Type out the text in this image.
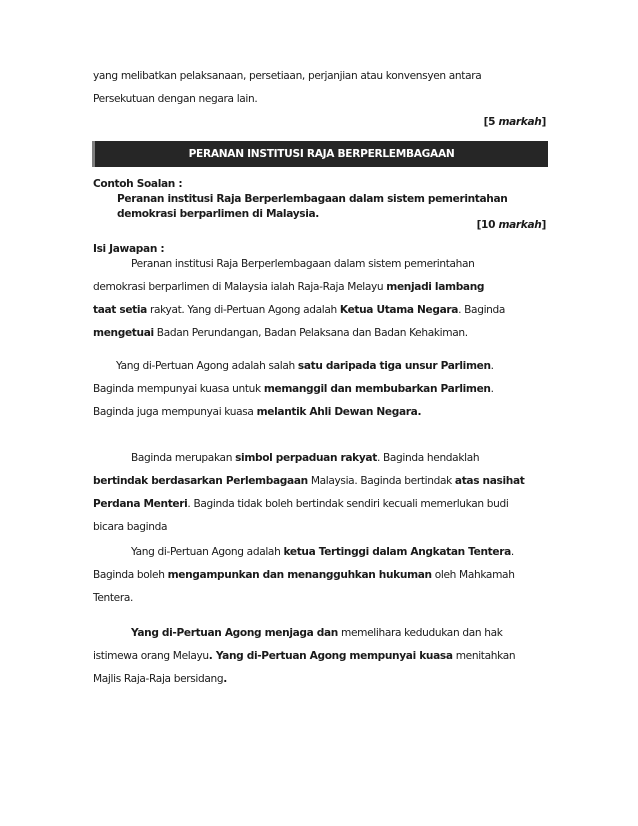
yang melibatkan pelaksanaan, persetiaan, perjanjian atau konvensyen antara
Persekutuan dengan negara lain.

[5 markah]
PERANAN INSTITUSI RAJA BERPERLEMBAGAAN
Contoh Soalan :
Peranan institusi Raja Berperlembagaan dalam sistem pemerintahan
demokrasi berparlimen di Malaysia.
[10 markah]
Isi Jawapan :

Peranan institusi Raja Berperlembagaan dalam sistem pemerintahan
demokrasi berparlimen di Malaysia ialah Raja-Raja Melayu menjadi lambang
taat setia rakyat. Yang di-Pertuan Agong adalah Ketua Utama Negara. Baginda
mengetuai Badan Perundangan, Badan Pelaksana dan Badan Kehakiman.

Yang di-Pertuan Agong adalah salah satu daripada tiga unsur Parlimen.
Baginda mempunyai kuasa untuk memanggil dan membubarkan Parlimen.
Baginda juga mempunyai kuasa melantik Ahli Dewan Negara.

Baginda merupakan simbol perpaduan rakyat. Baginda hendaklah
bertindak berdasarkan Perlembagaan Malaysia. Baginda bertindak atas nasihat
Perdana Menteri. Baginda tidak boleh bertindak sendiri kecuali memerlukan budi
bicara baginda

Yang di-Pertuan Agong adalah ketua Tertinggi dalam Angkatan Tentera.
Baginda boleh mengampunkan dan menangguhkan hukuman oleh Mahkamah
Tentera.

Yang di-Pertuan Agong menjaga dan memelihara kedudukan dan hak
istimewa orang Melayu. Yang di-Pertuan Agong mempunyai kuasa menitahkan
Majlis Raja-Raja bersidang.
